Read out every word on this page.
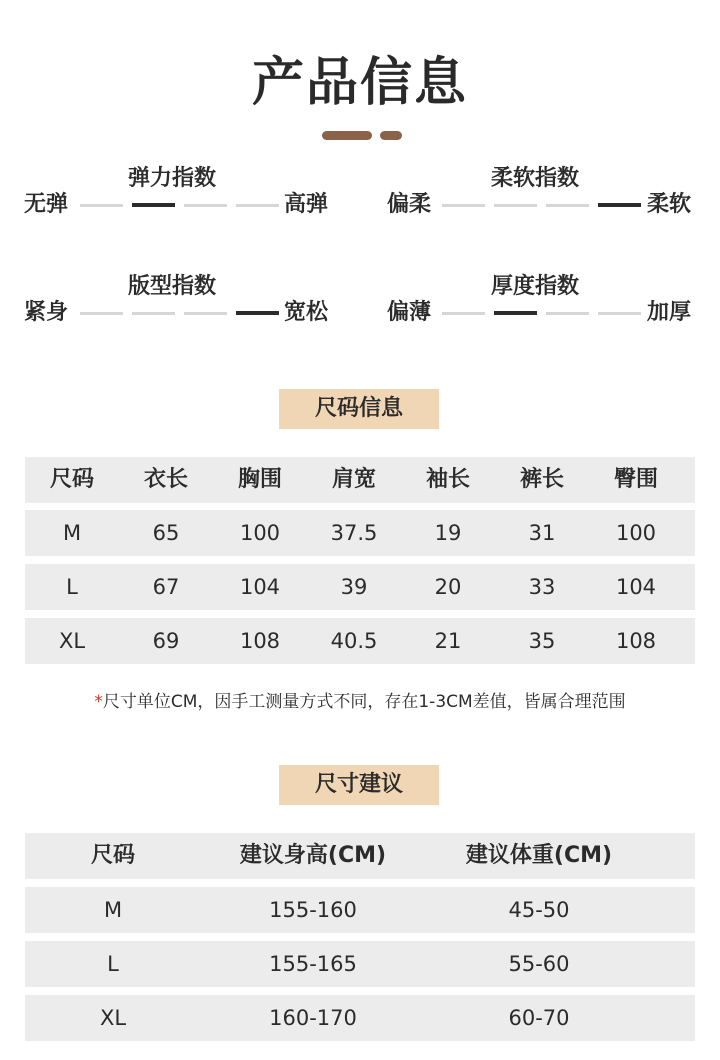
产品信息
弹力指数
无弹	高弹
柔软指数
偏柔	柔软
版型指数
紧身	宽松
厚度指数
偏薄	加厚
尺码信息
尺码	衣长	胸围	肩宽	袖长	裤长	臀围
M	65	100	37.5	19	31	100
L	67	104	39	20	33	104
XL	69	108	40.5	21	35	108
*尺寸单位CM，因手工测量方式不同，存在1-3CM差值，皆属合理范围
尺寸建议
尺码	建议身高(CM)	建议体重(CM)
M	155-160	45-50
L	155-165	55-60
XL	160-170	60-70
